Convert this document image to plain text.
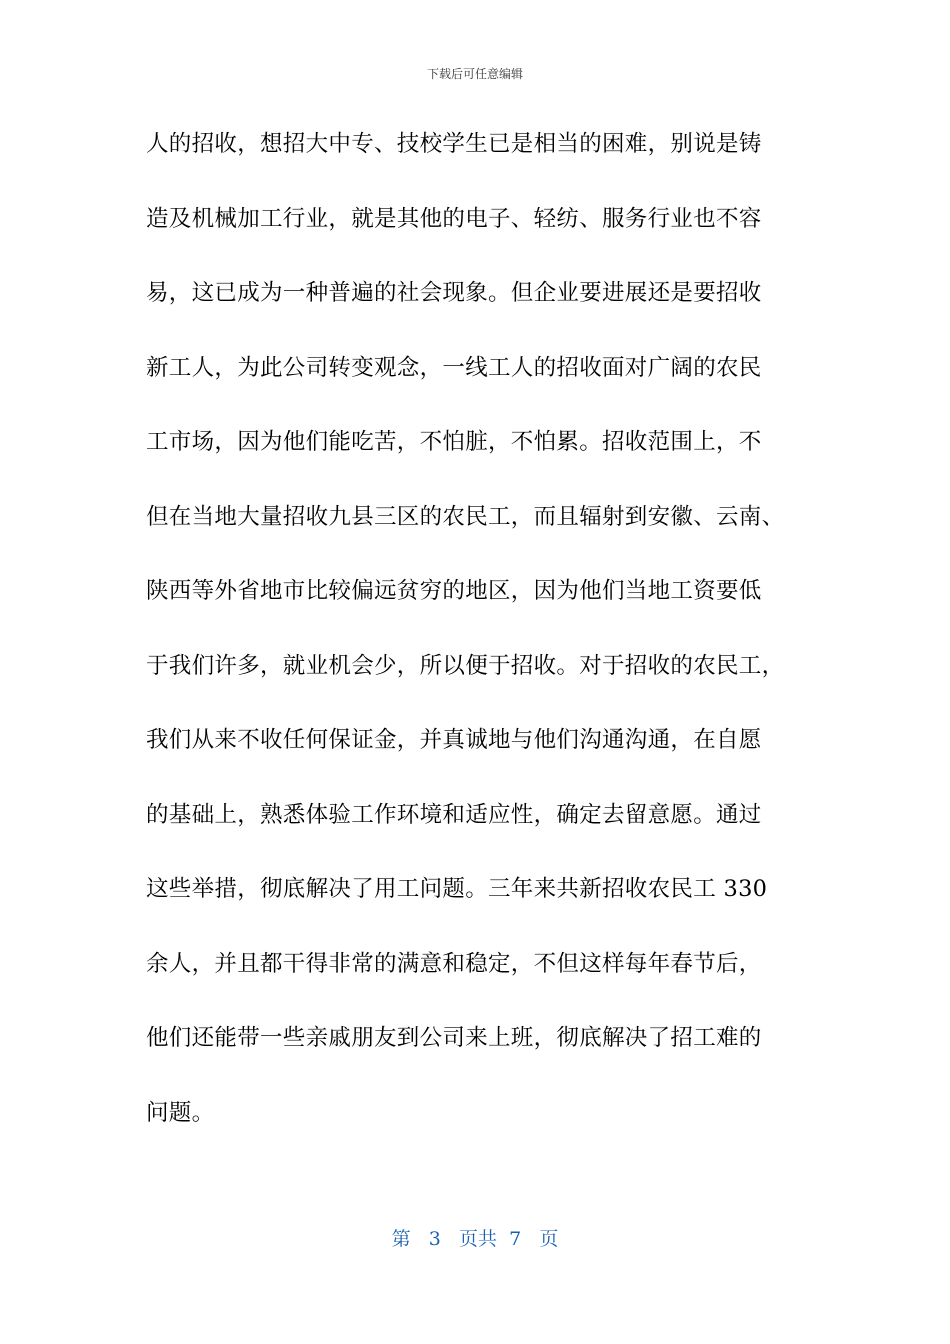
下载后可任意编辑
人的招收，想招大中专、技校学生已是相当的困难，别说是铸
造及机械加工行业，就是其他的电子、轻纺、服务行业也不容
易，这已成为一种普遍的社会现象。但企业要进展还是要招收
新工人，为此公司转变观念，一线工人的招收面对广阔的农民
工市场，因为他们能吃苦，不怕脏，不怕累。招收范围上，不
但在当地大量招收九县三区的农民工，而且辐射到安徽、云南、
陕西等外省地市比较偏远贫穷的地区，因为他们当地工资要低
于我们许多，就业机会少，所以便于招收。对于招收的农民工，
我们从来不收任何保证金，并真诚地与他们沟通沟通，在自愿
的基础上，熟悉体验工作环境和适应性，确定去留意愿。通过
这些举措，彻底解决了用工问题。三年来共新招收农民工 330
余人，并且都干得非常的满意和稳定，不但这样每年春节后，
他们还能带一些亲戚朋友到公司来上班，彻底解决了招工难的
问题。
第 3 页共 7 页
